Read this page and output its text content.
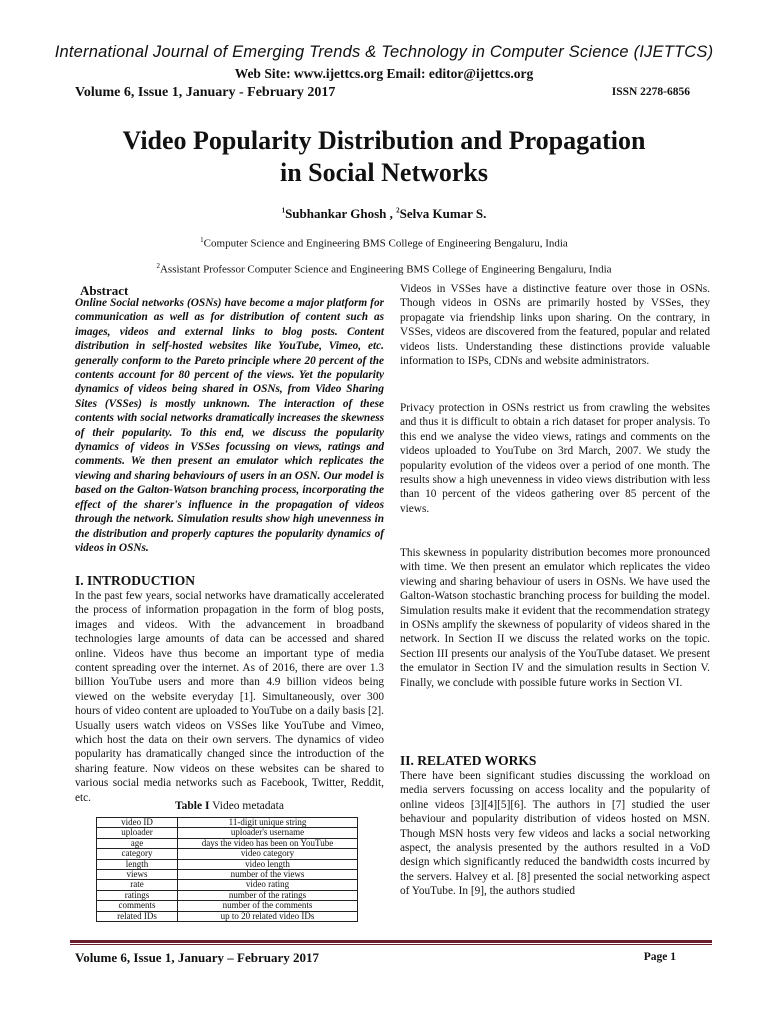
International Journal of Emerging Trends & Technology in Computer Science (IJETTCS)
Web Site: www.ijettcs.org Email: editor@ijettcs.org
Volume 6, Issue 1, January - February 2017	ISSN 2278-6856
Video Popularity Distribution and Propagation
in Social Networks
$^1$Subhankar Ghosh , $^2$Selva Kumar S.
$^1$Computer Science and Engineering BMS College of Engineering Bengaluru, India
$^2$Assistant Professor Computer Science and Engineering BMS College of Engineering Bengaluru, India
Abstract
Online Social networks (OSNs) have become a major platform for communication as well as for distribution of content such as images, videos and external links to blog posts. Content distribution in self-hosted websites like YouTube, Vimeo, etc. generally conform to the Pareto principle where 20 percent of the contents account for 80 percent of the views. Yet the popularity dynamics of videos being shared in OSNs, from Video Sharing Sites (VSSes) is mostly unknown. The interaction of these contents with social networks dramatically increases the skewness of their popularity. To this end, we discuss the popularity dynamics of videos in VSSes focussing on views, ratings and comments. We then present an emulator which replicates the viewing and sharing behaviours of users in an OSN. Our model is based on the Galton-Watson branching process, incorporating the effect of the sharer's influence in the propagation of videos through the network. Simulation results show high unevenness in the distribution and properly captures the popularity dynamics of videos in OSNs.
I. INTRODUCTION
In the past few years, social networks have dramatically accelerated the process of information propagation in the form of blog posts, images and videos. With the advancement in broadband technologies large amounts of data can be accessed and shared online. Videos have thus become an important type of media content spreading over the internet. As of 2016, there are over 1.3 billion YouTube users and more than 4.9 billion videos being viewed on the website everyday [1]. Simultaneously, over 300 hours of video content are uploaded to YouTube on a daily basis [2]. Usually users watch videos on VSSes like YouTube and Vimeo, which host the data on their own servers. The dynamics of video popularity has dramatically changed since the introduction of the sharing feature. Now videos on these websites can be shared to various social media networks such as Facebook, Twitter, Reddit, etc.
Table I Video metadata
video ID	11-digit unique string
uploader	uploader's username
age	days the video has been on YouTube
category	video category
length	video length
views	number of the views
rate	video rating
ratings	number of the ratings
comments	number of the comments
related IDs	up to 20 related video IDs
Videos in VSSes have a distinctive feature over those in OSNs. Though videos in OSNs are primarily hosted by VSSes, they propagate via friendship links upon sharing. On the contrary, in VSSes, videos are discovered from the featured, popular and related videos lists. Understanding these distinctions provide valuable information to ISPs, CDNs and website administrators.
Privacy protection in OSNs restrict us from crawling the websites and thus it is difficult to obtain a rich dataset for proper analysis. To this end we analyse the video views, ratings and comments on the videos uploaded to YouTube on 3rd March, 2007. We study the popularity evolution of the videos over a period of one month. The results show a high unevenness in video views distribution with less than 10 percent of the videos gathering over 85 percent of the views.
This skewness in popularity distribution becomes more pronounced with time. We then present an emulator which replicates the video viewing and sharing behaviour of users in OSNs. We have used the Galton-Watson stochastic branching process for building the model. Simulation results make it evident that the recommendation strategy in OSNs amplify the skewness of popularity of videos shared in the network. In Section II we discuss the related works on the topic. Section III presents our analysis of the YouTube dataset. We present the emulator in Section IV and the simulation results in Section V. Finally, we conclude with possible future works in Section VI.
II. RELATED WORKS
There have been significant studies discussing the workload on media servers focussing on access locality and the popularity of online videos [3][4][5][6]. The authors in [7] studied the user behaviour and popularity distribution of videos hosted on MSN. Though MSN hosts very few videos and lacks a social networking aspect, the analysis presented by the authors resulted in a VoD design which significantly reduced the bandwidth costs incurred by the servers. Halvey et al. [8] presented the social networking aspect of YouTube. In [9], the authors studied
Volume 6, Issue 1, January – February 2017	Page 1
